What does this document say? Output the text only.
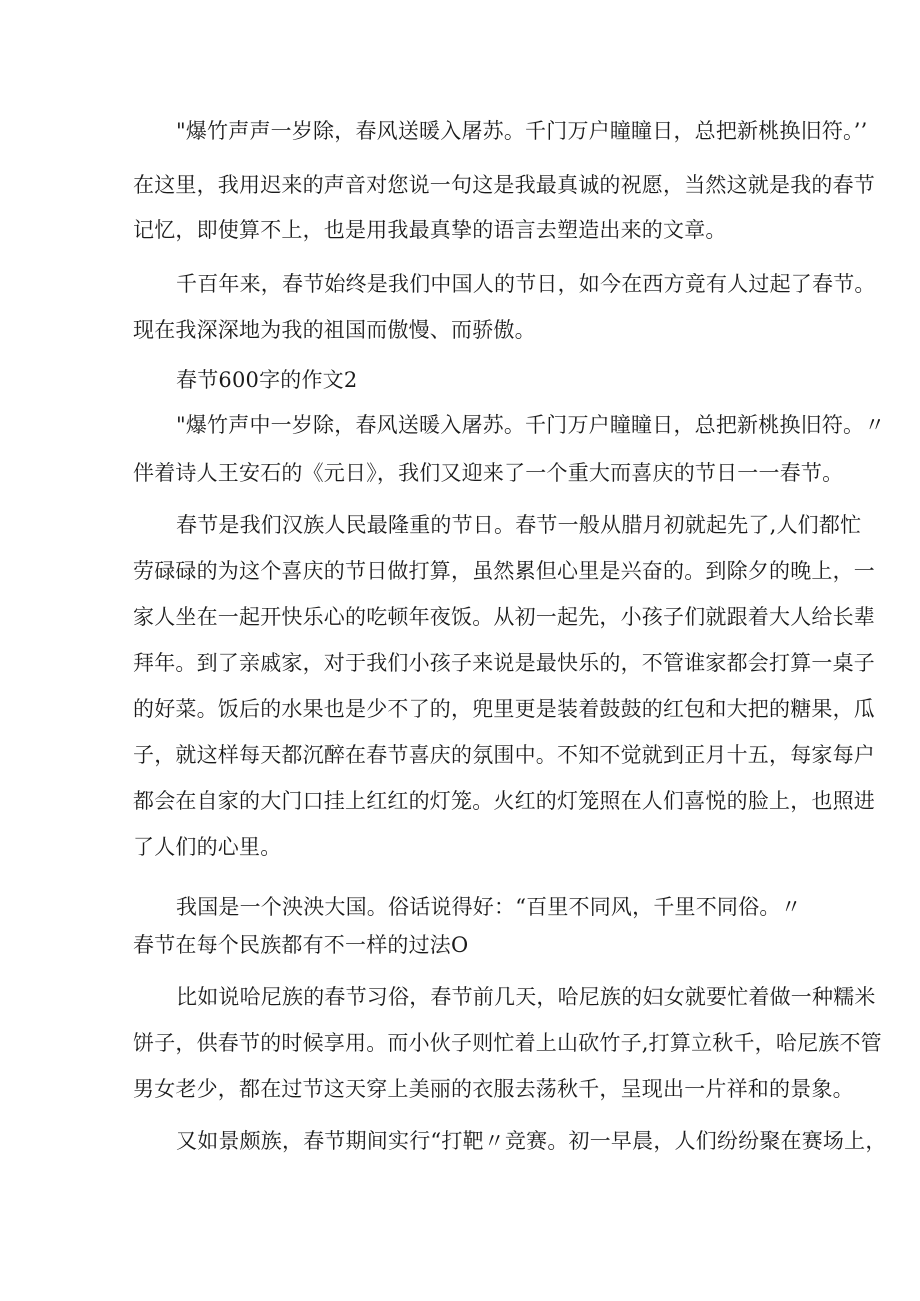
"爆竹声声一岁除，春风送暖入屠苏。千门万户瞳瞳日，总把新桃换旧符。’’
在这里，我用迟来的声音对您说一句这是我最真诚的祝愿，当然这就是我的春节
记忆，即使算不上，也是用我最真挚的语言去塑造出来的文章。
千百年来，春节始终是我们中国人的节日，如今在西方竟有人过起了春节。
现在我深深地为我的祖国而傲慢、而骄傲。
春节600字的作文2
"爆竹声中一岁除，春风送暖入屠苏。千门万户瞳瞳日，总把新桃换旧符。〃
伴着诗人王安石的《元日》，我们又迎来了一个重大而喜庆的节日一一春节。
春节是我们汉族人民最隆重的节日。春节一般从腊月初就起先了,人们都忙
劳碌碌的为这个喜庆的节日做打算，虽然累但心里是兴奋的。到除夕的晚上，一
家人坐在一起开快乐心的吃顿年夜饭。从初一起先，小孩子们就跟着大人给长辈
拜年。到了亲戚家，对于我们小孩子来说是最快乐的，不管谁家都会打算一桌子
的好菜。饭后的水果也是少不了的，兜里更是装着鼓鼓的红包和大把的糖果，瓜
子，就这样每天都沉醉在春节喜庆的氛围中。不知不觉就到正月十五，每家每户
都会在自家的大门口挂上红红的灯笼。火红的灯笼照在人们喜悦的脸上，也照进
了人们的心里。
我国是一个泱泱大国。俗话说得好：“百里不同风，千里不同俗。〃
春节在每个民族都有不一样的过法O
比如说哈尼族的春节习俗，春节前几天，哈尼族的妇女就要忙着做一种糯米
饼子，供春节的时候享用。而小伙子则忙着上山砍竹子,打算立秋千，哈尼族不管
男女老少，都在过节这天穿上美丽的衣服去荡秋千，呈现出一片祥和的景象。
又如景颇族，春节期间实行“打靶〃竞赛。初一早晨，人们纷纷聚在赛场上，
